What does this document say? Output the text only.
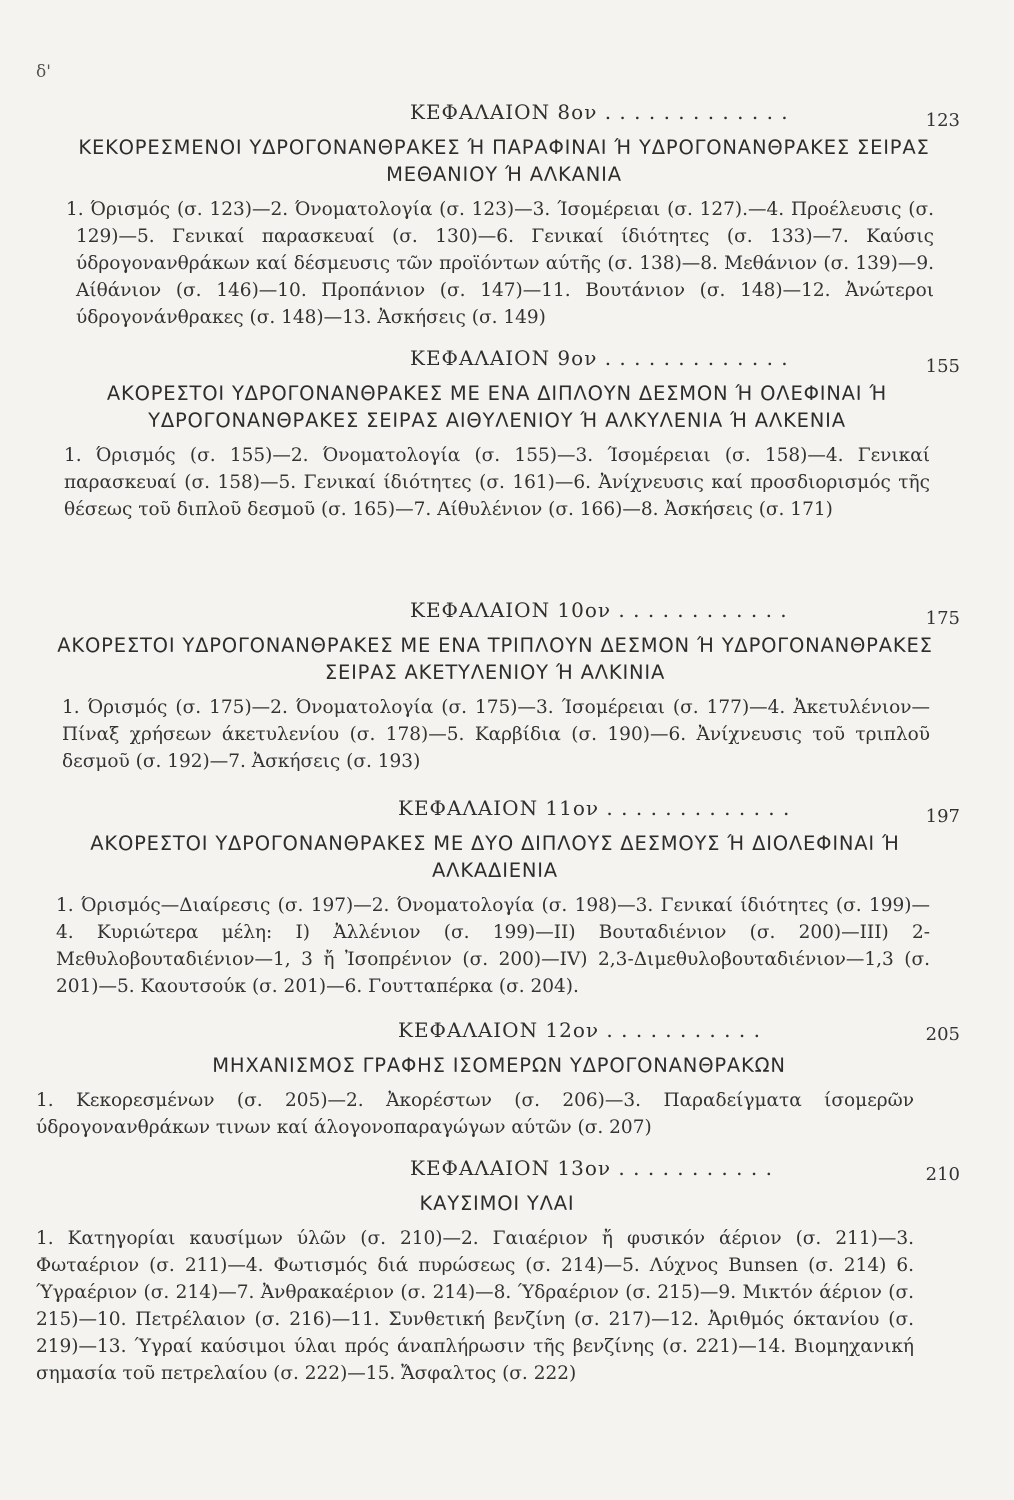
δ'
ΚΕΦΑΛΑΙΟΝ 8ον . . . . . . . . . . . . .	123
ΚΕΚΟΡΕΣΜΕΝΟΙ ΥΔΡΟΓΟΝΑΝΘΡΑΚΕΣ Ή ΠΑΡΑΦΙΝΑΙ Ή ΥΔΡΟΓΟΝΑΝΘΡΑΚΕΣ ΣΕΙΡΑΣ ΜΕΘΑΝΙΟΥ Ή ΑΛΚΑΝΙΑ
1. Όρισμός (σ. 123)—2. Όνοματολογία (σ. 123)—3. Ίσομέρειαι (σ. 127).—4. Προέλευσις (σ. 129)—5. Γενικαί παρασκευαί (σ. 130)—6. Γενικαί ίδιότητες (σ. 133)—7. Καύσις ύδρογονανθράκων καί δέσμευσις τῶν προϊόντων αύτῆς (σ. 138)—8. Μεθάνιον (σ. 139)—9. Αίθάνιον (σ. 146)—10. Προπάνιον (σ. 147)—11. Βουτάνιον (σ. 148)—12. Ἀνώτεροι ύδρογονάνθρακες (σ. 148)—13. Ἀσκήσεις (σ. 149)
ΚΕΦΑΛΑΙΟΝ 9ον . . . . . . . . . . . . .	155
ΑΚΟΡΕΣΤΟΙ ΥΔΡΟΓΟΝΑΝΘΡΑΚΕΣ ΜΕ ΕΝΑ ΔΙΠΛΟΥΝ ΔΕΣΜΟΝ Ή ΟΛΕΦΙΝΑΙ Ή ΥΔΡΟΓΟΝΑΝΘΡΑΚΕΣ ΣΕΙΡΑΣ ΑΙΘΥΛΕΝΙΟΥ Ή ΑΛΚΥΛΕΝΙΑ Ή ΑΛΚΕΝΙΑ
1. Όρισμός (σ. 155)—2. Όνοματολογία (σ. 155)—3. Ίσομέρειαι (σ. 158)—4. Γενικαί παρασκευαί (σ. 158)—5. Γενικαί ίδιότητες (σ. 161)—6. Ἀνίχνευσις καί προσδιορισμός τῆς θέσεως τοῦ διπλοῦ δεσμοῦ (σ. 165)—7. Αίθυλένιον (σ. 166)—8. Ἀσκήσεις (σ. 171)
ΚΕΦΑΛΑΙΟΝ 10ον . . . . . . . . . . . .	175
ΑΚΟΡΕΣΤΟΙ ΥΔΡΟΓΟΝΑΝΘΡΑΚΕΣ ΜΕ ΕΝΑ ΤΡΙΠΛΟΥΝ ΔΕΣΜΟΝ Ή ΥΔΡΟΓΟΝΑΝΘΡΑΚΕΣ ΣΕΙΡΑΣ ΑΚΕΤΥΛΕΝΙΟΥ Ή ΑΛΚΙΝΙΑ
1. Όρισμός (σ. 175)—2. Όνοματολογία (σ. 175)—3. Ίσομέρειαι (σ. 177)—4. Ἀκετυλένιον—Πίναξ χρήσεων άκετυλενίου (σ. 178)—5. Καρβίδια (σ. 190)—6. Ἀνίχνευσις τοῦ τριπλοῦ δεσμοῦ (σ. 192)—7. Ἀσκήσεις (σ. 193)
ΚΕΦΑΛΑΙΟΝ 11ον . . . . . . . . . . . . .	197
ΑΚΟΡΕΣΤΟΙ ΥΔΡΟΓΟΝΑΝΘΡΑΚΕΣ ΜΕ ΔΥΟ ΔΙΠΛΟΥΣ ΔΕΣΜΟΥΣ Ή ΔΙΟΛΕΦΙΝΑΙ Ή ΑΛΚΑΔΙΕΝΙΑ
1. Όρισμός—Διαίρεσις (σ. 197)—2. Όνοματολογία (σ. 198)—3. Γενικαί ίδιότητες (σ. 199)—4. Κυριώτερα μέλη: I) Ἀλλένιον (σ. 199)—II) Βουταδιένιον (σ. 200)—III) 2-Μεθυλοβουταδιένιον—1, 3 ἤ Ἰσοπρένιον (σ. 200)—IV) 2,3-Διμεθυλοβουταδιένιον—1,3 (σ. 201)—5. Καουτσούκ (σ. 201)—6. Γουτταπέρκα (σ. 204).
ΚΕΦΑΛΑΙΟΝ 12ον . . . . . . . . . . .	205
ΜΗΧΑΝΙΣΜΟΣ ΓΡΑΦΗΣ ΙΣΟΜΕΡΩΝ ΥΔΡΟΓΟΝΑΝΘΡΑΚΩΝ
1. Κεκορεσμένων (σ. 205)—2. Ἀκορέστων (σ. 206)—3. Παραδείγματα ίσομερῶν ύδρογονανθράκων τινων καί άλογονοπαραγώγων αύτῶν (σ. 207)
ΚΕΦΑΛΑΙΟΝ 13ον . . . . . . . . . . .	210
ΚΑΥΣΙΜΟΙ ΥΛΑΙ
1. Κατηγορίαι καυσίμων ύλῶν (σ. 210)—2. Γαιαέριον ἤ φυσικόν άέριον (σ. 211)—3. Φωταέριον (σ. 211)—4. Φωτισμός διά πυρώσεως (σ. 214)—5. Λύχνος Bunsen (σ. 214) 6. Ύγραέριον (σ. 214)—7. Ἀνθρακαέριον (σ. 214)—8. Ύδραέριον (σ. 215)—9. Μικτόν άέριον (σ. 215)—10. Πετρέλαιον (σ. 216)—11. Συνθετική βενζίνη (σ. 217)—12. Ἀριθμός όκτανίου (σ. 219)—13. Ύγραί καύσιμοι ύλαι πρός άναπλήρωσιν τῆς βενζίνης (σ. 221)—14. Βιομηχανική σημασία τοῦ πετρελαίου (σ. 222)—15. Ἄσφαλτος (σ. 222)
